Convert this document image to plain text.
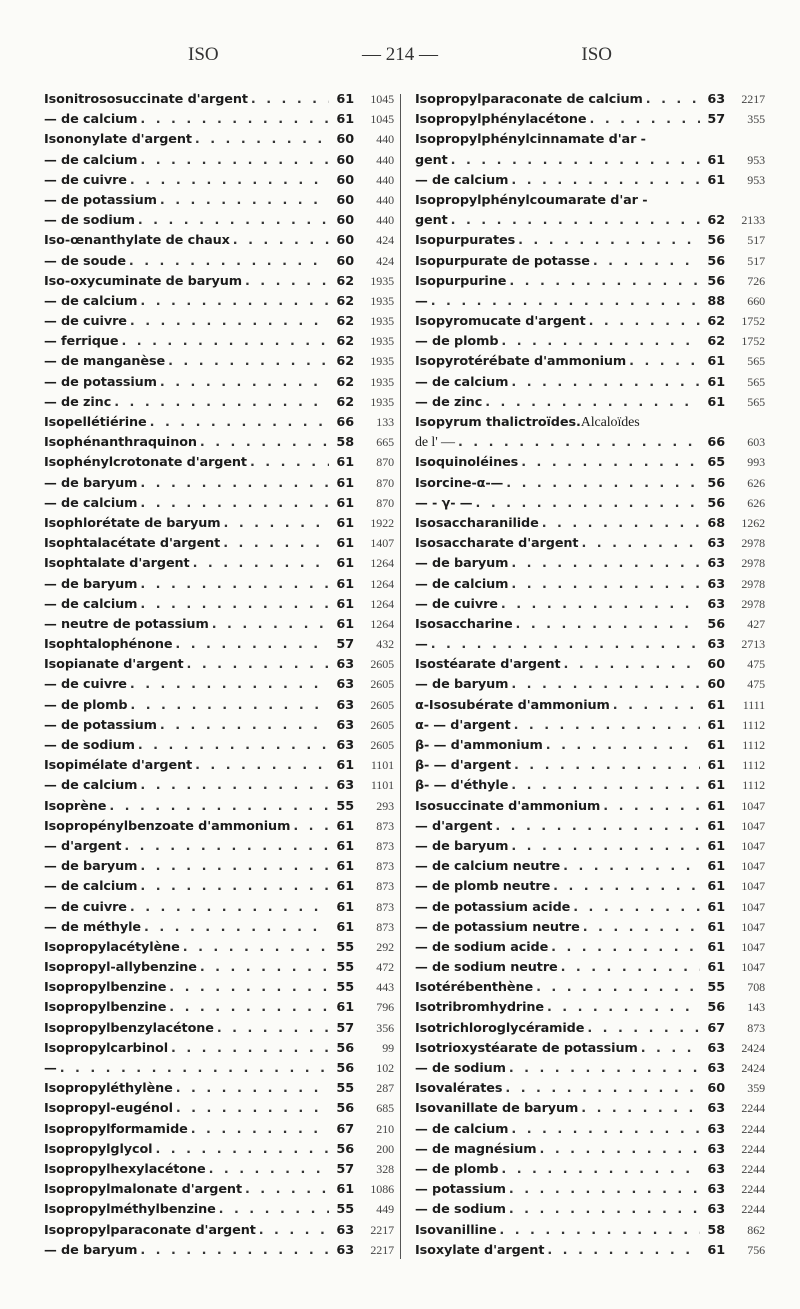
ISO	— 214 —	ISO
Isonitrososuccinate d'argent . . .	61	1045
— de calcium . . .	61	1045
Isononylate d'argent . . .	60	440
— de calcium . . .	60	440
— de cuivre . . .	60	440
— de potassium . . .	60	440
— de sodium . . .	60	440
Iso-œnanthylate de chaux . . .	60	424
— de soude . . .	60	424
Iso-oxycuminate de baryum . . .	62	1935
— de calcium . . .	62	1935
— de cuivre . . .	62	1935
— ferrique . . .	62	1935
— de manganèse . . .	62	1935
— de potassium . . .	62	1935
— de zinc . . .	62	1935
Isopellétiérine . . .	66	133
Isophénanthraquinon . . .	58	665
Isophénylcrotonate d'argent . . .	61	870
— de baryum . . .	61	870
— de calcium . . .	61	870
Isophlorétate de baryum . . .	61	1922
Isophtalacétate d'argent . . .	61	1407
Isophtalate d'argent . . .	61	1264
— de baryum . . .	61	1264
— de calcium . . .	61	1264
— neutre de potassium . . .	61	1264
Isophtalophénone . . .	57	432
Isopianate d'argent . . .	63	2605
— de cuivre . . .	63	2605
— de plomb . . .	63	2605
— de potassium . . .	63	2605
— de sodium . . .	63	2605
Isopimélate d'argent . . .	61	1101
— de calcium . . .	63	1101
Isoprène . . .	55	293
Isopropénylbenzoate d'ammonium . . .	61	873
— d'argent . . .	61	873
— de baryum . . .	61	873
— de calcium . . .	61	873
— de cuivre . . .	61	873
— de méthyle . . .	61	873
Isopropylacétylène . . .	55	292
Isopropyl-allybenzine . . .	55	472
Isopropylbenzine . . .	55	443
Isopropylbenzine . . .	61	796
Isopropylbenzylacétone . . .	57	356
Isopropylcarbinol . . .	56	99
— . . .	56	102
Isopropyléthylène . . .	55	287
Isopropyl-eugénol . . .	56	685
Isopropylformamide . . .	67	210
Isopropylglycol . . .	56	200
Isopropylhexylacétone . . .	57	328
Isopropylmalonate d'argent . . .	61	1086
Isopropylméthylbenzine . . .	55	449
Isopropylparaconate d'argent . . .	63	2217
— de baryum . . .	63	2217
Isopropylparaconate de calcium . . .	63	2217
Isopropylphénylacétone . . .	57	355
Isopropylphénylcinnamate d'ar -
gent . . .	61	953
— de calcium . . .	61	953
Isopropylphénylcoumarate d'ar -
gent . . .	62	2133
Isopurpurates . . .	56	517
Isopurpurate de potasse . . .	56	517
Isopurpurine . . .	56	726
— . . .	88	660
Isopyromucate d'argent . . .	62	1752
— de plomb . . .	62	1752
Isopyrotérébate d'ammonium . . .	61	565
— de calcium . . .	61	565
— de zinc . . .	61	565
Isopyrum thalictroïdes. Alcaloïdes
de l' — . . .	66	603
Isoquinoléines . . .	65	993
Isorcine-α-— . . .	56	626
— - γ- — . . .	56	626
Isosaccharanilide . . .	68	1262
Isosaccharate d'argent . . .	63	2978
— de baryum . . .	63	2978
— de calcium . . .	63	2978
— de cuivre . . .	63	2978
Isosaccharine . . .	56	427
— . . .	63	2713
Isostéarate d'argent . . .	60	475
— de baryum . . .	60	475
α-Isosubérate d'ammonium . . .	61	1111
α- — d'argent . . .	61	1112
β- — d'ammonium . . .	61	1112
β- — d'argent . . .	61	1112
β- — d'éthyle . . .	61	1112
Isosuccinate d'ammonium . . .	61	1047
— d'argent . . .	61	1047
— de baryum . . .	61	1047
— de calcium neutre . . .	61	1047
— de plomb neutre . . .	61	1047
— de potassium acide . . .	61	1047
— de potassium neutre . . .	61	1047
— de sodium acide . . .	61	1047
— de sodium neutre . . .	61	1047
Isotérébenthène . . .	55	708
Isotribromhydrine . . .	56	143
Isotrichloroglycéramide . . .	67	873
Isotrioxystéarate de potassium . . .	63	2424
— de sodium . . .	63	2424
Isovalérates . . .	60	359
Isovanillate de baryum . . .	63	2244
— de calcium . . .	63	2244
— de magnésium . . .	63	2244
— de plomb . . .	63	2244
— potassium . . .	63	2244
— de sodium . . .	63	2244
Isovanilline . . .	58	862
Isoxylate d'argent . . .	61	756
